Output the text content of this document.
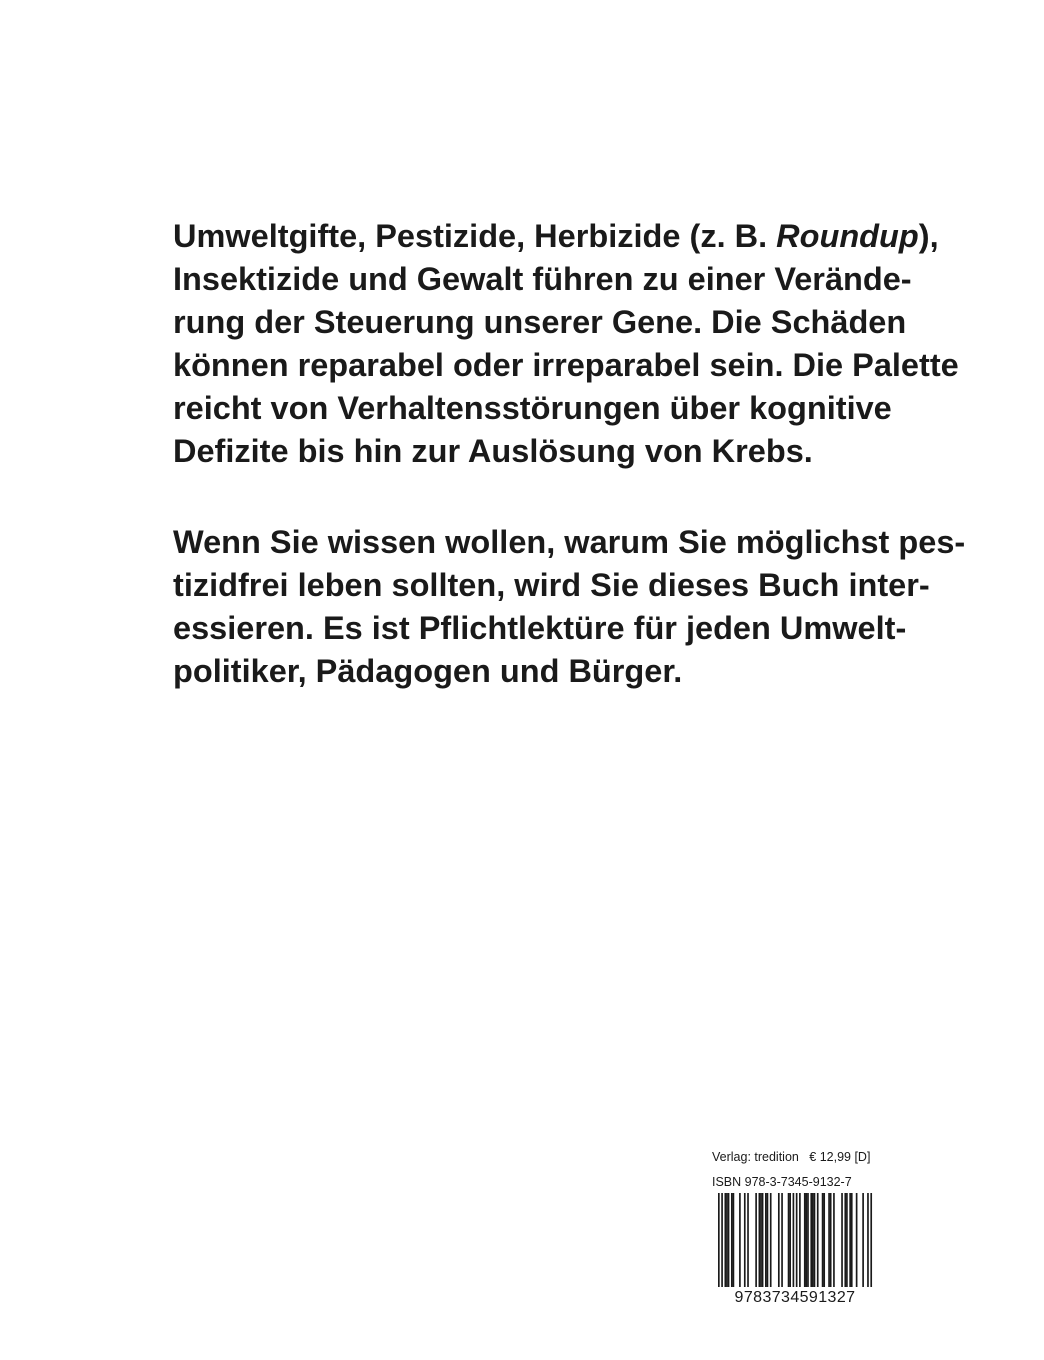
Umweltgifte, Pestizide, Herbizide (z. B. Roundup),
Insektizide und Gewalt führen zu einer Verände-
rung der Steuerung unserer Gene. Die Schäden
können reparabel oder irreparabel sein. Die Palette
reicht von Verhaltensstörungen über kognitive
Defizite bis hin zur Auslösung von Krebs.
Wenn Sie wissen wollen, warum Sie möglichst pes-
tizidfrei leben sollten, wird Sie dieses Buch inter-
essieren. Es ist Pflichtlektüre für jeden Umwelt-
politiker, Pädagogen und Bürger.
Verlag: tredition € 12,99 [D]
ISBN 978-3-7345-9132-7
9783734591327
